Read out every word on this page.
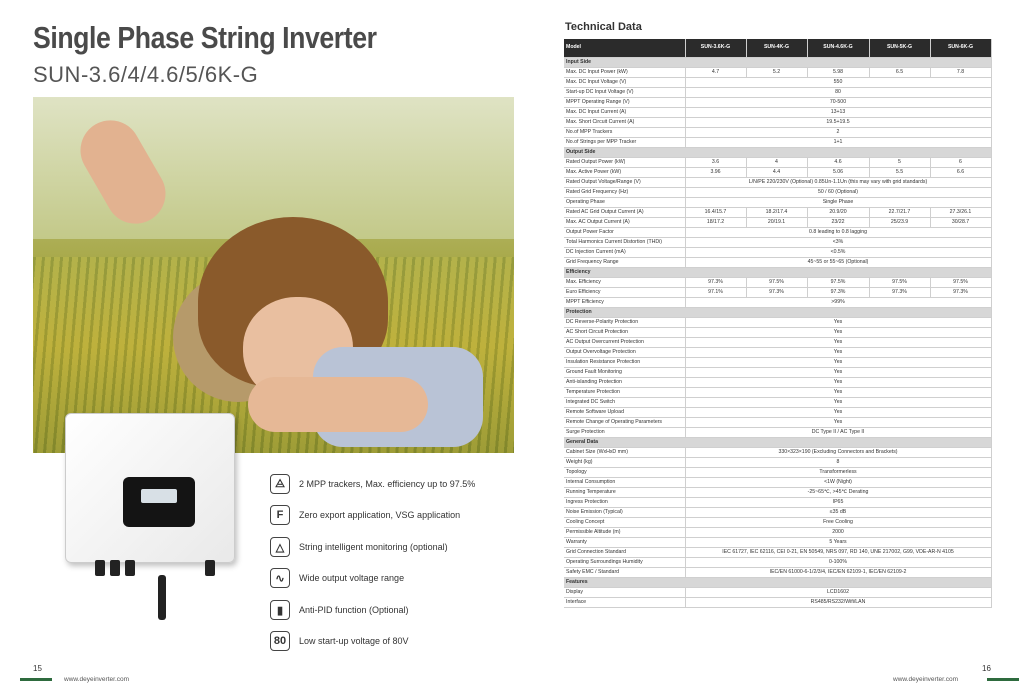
Single Phase String Inverter
SUN-3.6/4/4.6/5/6K-G
⨺	2 MPP trackers, Max. efficiency up to 97.5%
F	Zero export application, VSG application
△	String intelligent monitoring (optional)
∿	Wide output voltage range
▮	Anti-PID function (Optional)
80	Low start-up voltage of 80V
15
www.deyeinverter.com
Technical Data
Model	SUN-3.6K-G	SUN-4K-G	SUN-4.6K-G	SUN-5K-G	SUN-6K-G
Input Side					
Max. DC Input Power (kW)	4.7	5.2	5.98	6.5	7.8
Max. DC Input Voltage (V)	550				
Start-up DC Input Voltage (V)	80				
MPPT Operating Range (V)	70-500				
Max. DC Input Current (A)	13+13				
Max. Short Circuit Current (A)	19.5+19.5				
No.of MPP Trackers	2				
No.of Strings per MPP Tracker	1+1				
Output Side					
Rated Output Power (kW)	3.6	4	4.6	5	6
Max. Active Power (kW)	3.96	4.4	5.06	5.5	6.6
Rated Output Voltage/Range (V)	L/N/PE 220/230V (Optional) 0.85Un-1.1Un (this may vary with grid standards)				
Rated Grid Frequency (Hz)	50 / 60 (Optional)				
Operating Phase	Single Phase				
Rated AC Grid Output Current (A)	16.4/15.7	18.2/17.4	20.9/20	22.7/21.7	27.3/26.1
Max. AC Output Current (A)	18/17.2	20/19.1	23/22	25/23.9	30/28.7
Output Power Factor	0.8 leading to 0.8 lagging				
Total Harmonics Current Distortion (THDi)	<3%				
DC Injection Current (mA)	<0.5%				
Grid Frequency Range	45~55 or 55~65 (Optional)				
Efficiency					
Max. Efficiency	97.3%	97.5%	97.5%	97.5%	97.5%
Euro Efficiency	97.1%	97.3%	97.3%	97.3%	97.3%
MPPT Efficiency	>99%				
Protection					
DC Reverse-Polarity Protection	Yes				
AC Short Circuit Protection	Yes				
AC Output Overcurrent Protection	Yes				
Output Overvoltage Protection	Yes				
Insulation Resistance Protection	Yes				
Ground Fault Monitoring	Yes				
Anti-islanding Protection	Yes				
Temperature Protection	Yes				
Integrated DC Switch	Yes				
Remote Software Upload	Yes				
Remote Change of Operating Parameters	Yes				
Surge Protection	DC Type II / AC Type II				
General Data					
Cabinet Size (WxHxD mm)	330×323×190 (Excluding Connectors and Brackets)				
Weight (kg)	8				
Topology	Transformerless				
Internal Consumption	<1W (Night)				
Running Temperature	-25~65℃, >45℃ Derating				
Ingress Protection	IP65				
Noise Emission (Typical)	≤35 dB				
Cooling Concept	Free Cooling				
Permissible Altitude (m)	2000				
Warranty	5 Years				
Grid Connection Standard	IEC 61727, IEC 62116, CEI 0-21, EN 50549, NRS 097, RD 140, UNE 217002, G99, VDE-AR-N 4105				
Operating Surroundings Humidity	0-100%				
Safety EMC / Standard	IEC/EN 61000-6-1/2/3/4, IEC/EN 62109-1, IEC/EN 62109-2				
Features					
Display	LCD1602				
Interface	RS485/RS232/Wifi/LAN				
16
www.deyeinverter.com
